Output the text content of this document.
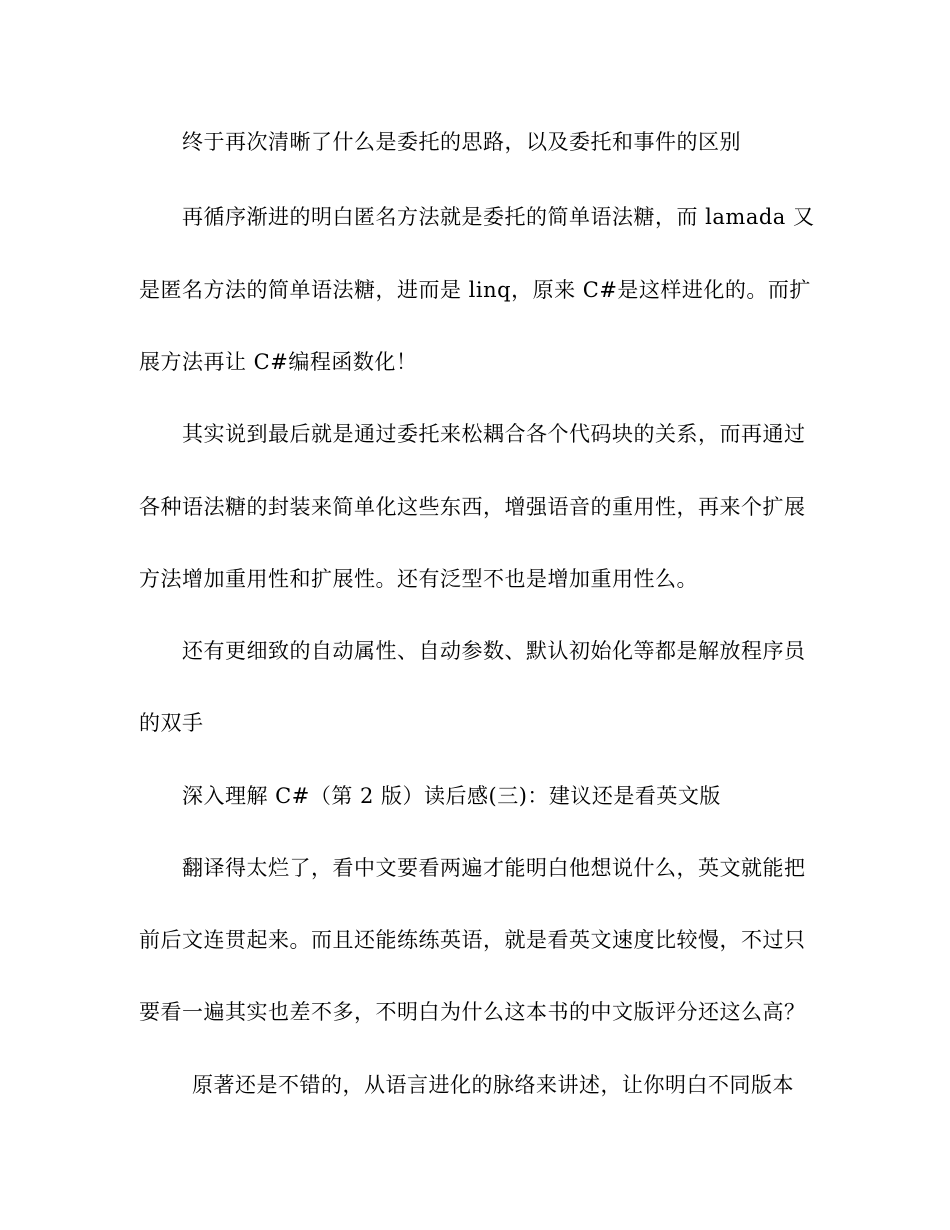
终于再次清晰了什么是委托的思路，以及委托和事件的区别
再循序渐进的明白匿名方法就是委托的简单语法糖，而 lamada 又
是匿名方法的简单语法糖，进而是 linq，原来 C#是这样进化的。而扩
展方法再让 C#编程函数化！
其实说到最后就是通过委托来松耦合各个代码块的关系，而再通过
各种语法糖的封装来简单化这些东西，增强语音的重用性，再来个扩展
方法增加重用性和扩展性。还有泛型不也是增加重用性么。
还有更细致的自动属性、自动参数、默认初始化等都是解放程序员
的双手
深入理解 C#（第 2 版）读后感(三)：建议还是看英文版
翻译得太烂了，看中文要看两遍才能明白他想说什么，英文就能把
前后文连贯起来。而且还能练练英语，就是看英文速度比较慢，不过只
要看一遍其实也差不多，不明白为什么这本书的中文版评分还这么高？
原著还是不错的，从语言进化的脉络来讲述，让你明白不同版本
